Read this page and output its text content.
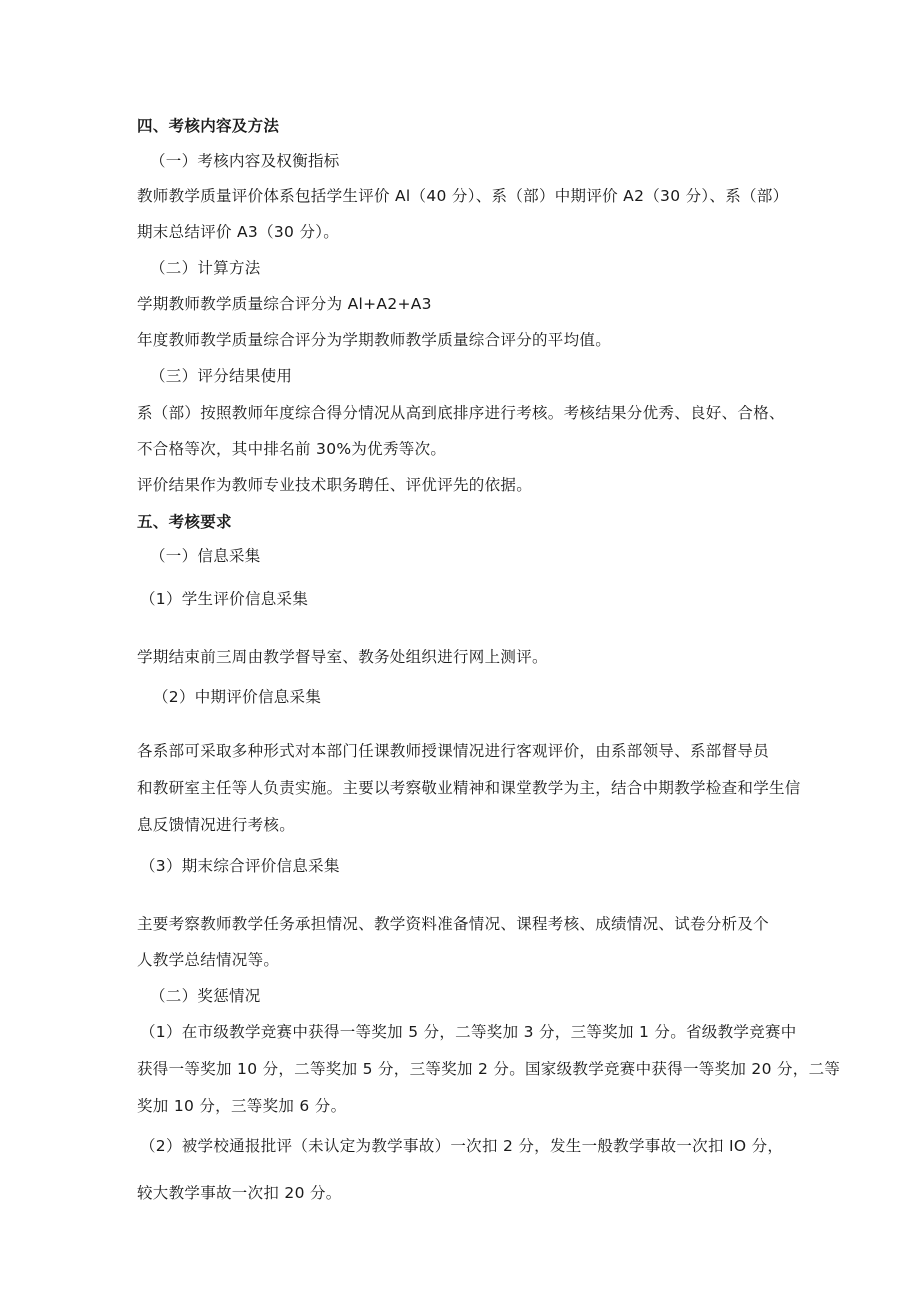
四、考核内容及方法
（一）考核内容及权衡指标
教师教学质量评价体系包括学生评价 Al（40 分）、系（部）中期评价 A2（30 分）、系（部）
期末总结评价 A3（30 分）。
（二）计算方法
学期教师教学质量综合评分为 Al+A2+A3
年度教师教学质量综合评分为学期教师教学质量综合评分的平均值。
（三）评分结果使用
系（部）按照教师年度综合得分情况从高到底排序进行考核。考核结果分优秀、良好、合格、
不合格等次，其中排名前 30%为优秀等次。
评价结果作为教师专业技术职务聘任、评优评先的依据。
五、考核要求
（一）信息采集
（1）学生评价信息采集
学期结束前三周由教学督导室、教务处组织进行网上测评。
（2）中期评价信息采集
各系部可采取多种形式对本部门任课教师授课情况进行客观评价，由系部领导、系部督导员
和教研室主任等人负责实施。主要以考察敬业精神和课堂教学为主，结合中期教学检查和学生信
息反馈情况进行考核。
（3）期末综合评价信息采集
主要考察教师教学任务承担情况、教学资料准备情况、课程考核、成绩情况、试卷分析及个
人教学总结情况等。
（二）奖惩情况
（1）在市级教学竞赛中获得一等奖加 5 分，二等奖加 3 分，三等奖加 1 分。省级教学竞赛中
获得一等奖加 10 分，二等奖加 5 分，三等奖加 2 分。国家级教学竞赛中获得一等奖加 20 分，二等
奖加 10 分，三等奖加 6 分。
（2）被学校通报批评（未认定为教学事故）一次扣 2 分，发生一般教学事故一次扣 IO 分，
较大教学事故一次扣 20 分。
